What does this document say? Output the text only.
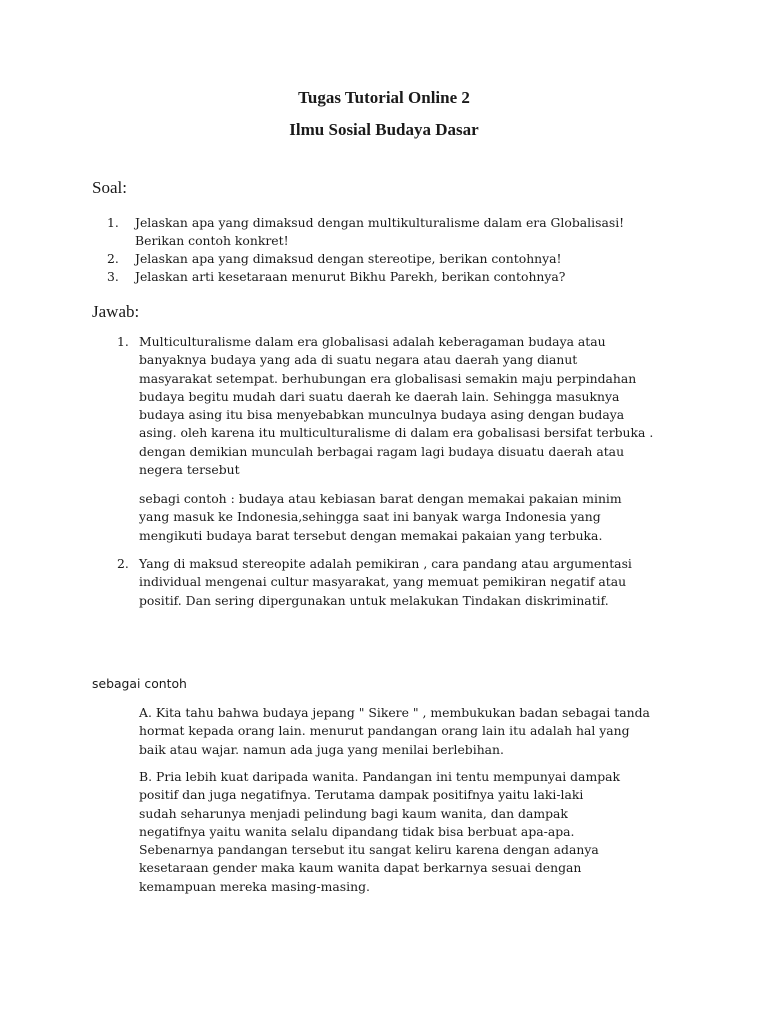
Tugas Tutorial Online 2
Ilmu Sosial Budaya Dasar
Soal:
1. Jelaskan apa yang dimaksud dengan multikulturalisme dalam era Globalisasi!
Berikan contoh konkret!
2. Jelaskan apa yang dimaksud dengan stereotipe, berikan contohnya!
3. Jelaskan arti kesetaraan menurut Bikhu Parekh, berikan contohnya?
Jawab:
1. Multiculturalisme dalam era globalisasi adalah keberagaman budaya atau
banyaknya budaya yang ada di suatu negara atau daerah yang dianut
masyarakat setempat. berhubungan era globalisasi semakin maju perpindahan
budaya begitu mudah dari suatu daerah ke daerah lain. Sehingga masuknya
budaya asing itu bisa menyebabkan munculnya budaya asing dengan budaya
asing. oleh karena itu multiculturalisme di dalam era gobalisasi bersifat terbuka .
dengan demikian munculah berbagai ragam lagi budaya disuatu daerah atau
negera tersebut
sebagi contoh : budaya atau kebiasan barat dengan memakai pakaian minim
yang masuk ke Indonesia,sehingga saat ini banyak warga Indonesia yang
mengikuti budaya barat tersebut dengan memakai pakaian yang terbuka.
2. Yang di maksud stereopite adalah pemikiran , cara pandang atau argumentasi
individual mengenai cultur masyarakat, yang memuat pemikiran negatif atau
positif. Dan sering dipergunakan untuk melakukan Tindakan diskriminatif.
sebagai contoh
A. Kita tahu bahwa budaya jepang " Sikere " , membukukan badan sebagai tanda
hormat kepada orang lain. menurut pandangan orang lain itu adalah hal yang
baik atau wajar. namun ada juga yang menilai berlebihan.
B. Pria lebih kuat daripada wanita. Pandangan ini tentu mempunyai dampak
positif dan juga negatifnya. Terutama dampak positifnya yaitu laki-laki
sudah seharunya menjadi pelindung bagi kaum wanita, dan dampak
negatifnya yaitu wanita selalu dipandang tidak bisa berbuat apa-apa.
Sebenarnya pandangan tersebut itu sangat keliru karena dengan adanya
kesetaraan gender maka kaum wanita dapat berkarnya sesuai dengan
kemampuan mereka masing-masing.
